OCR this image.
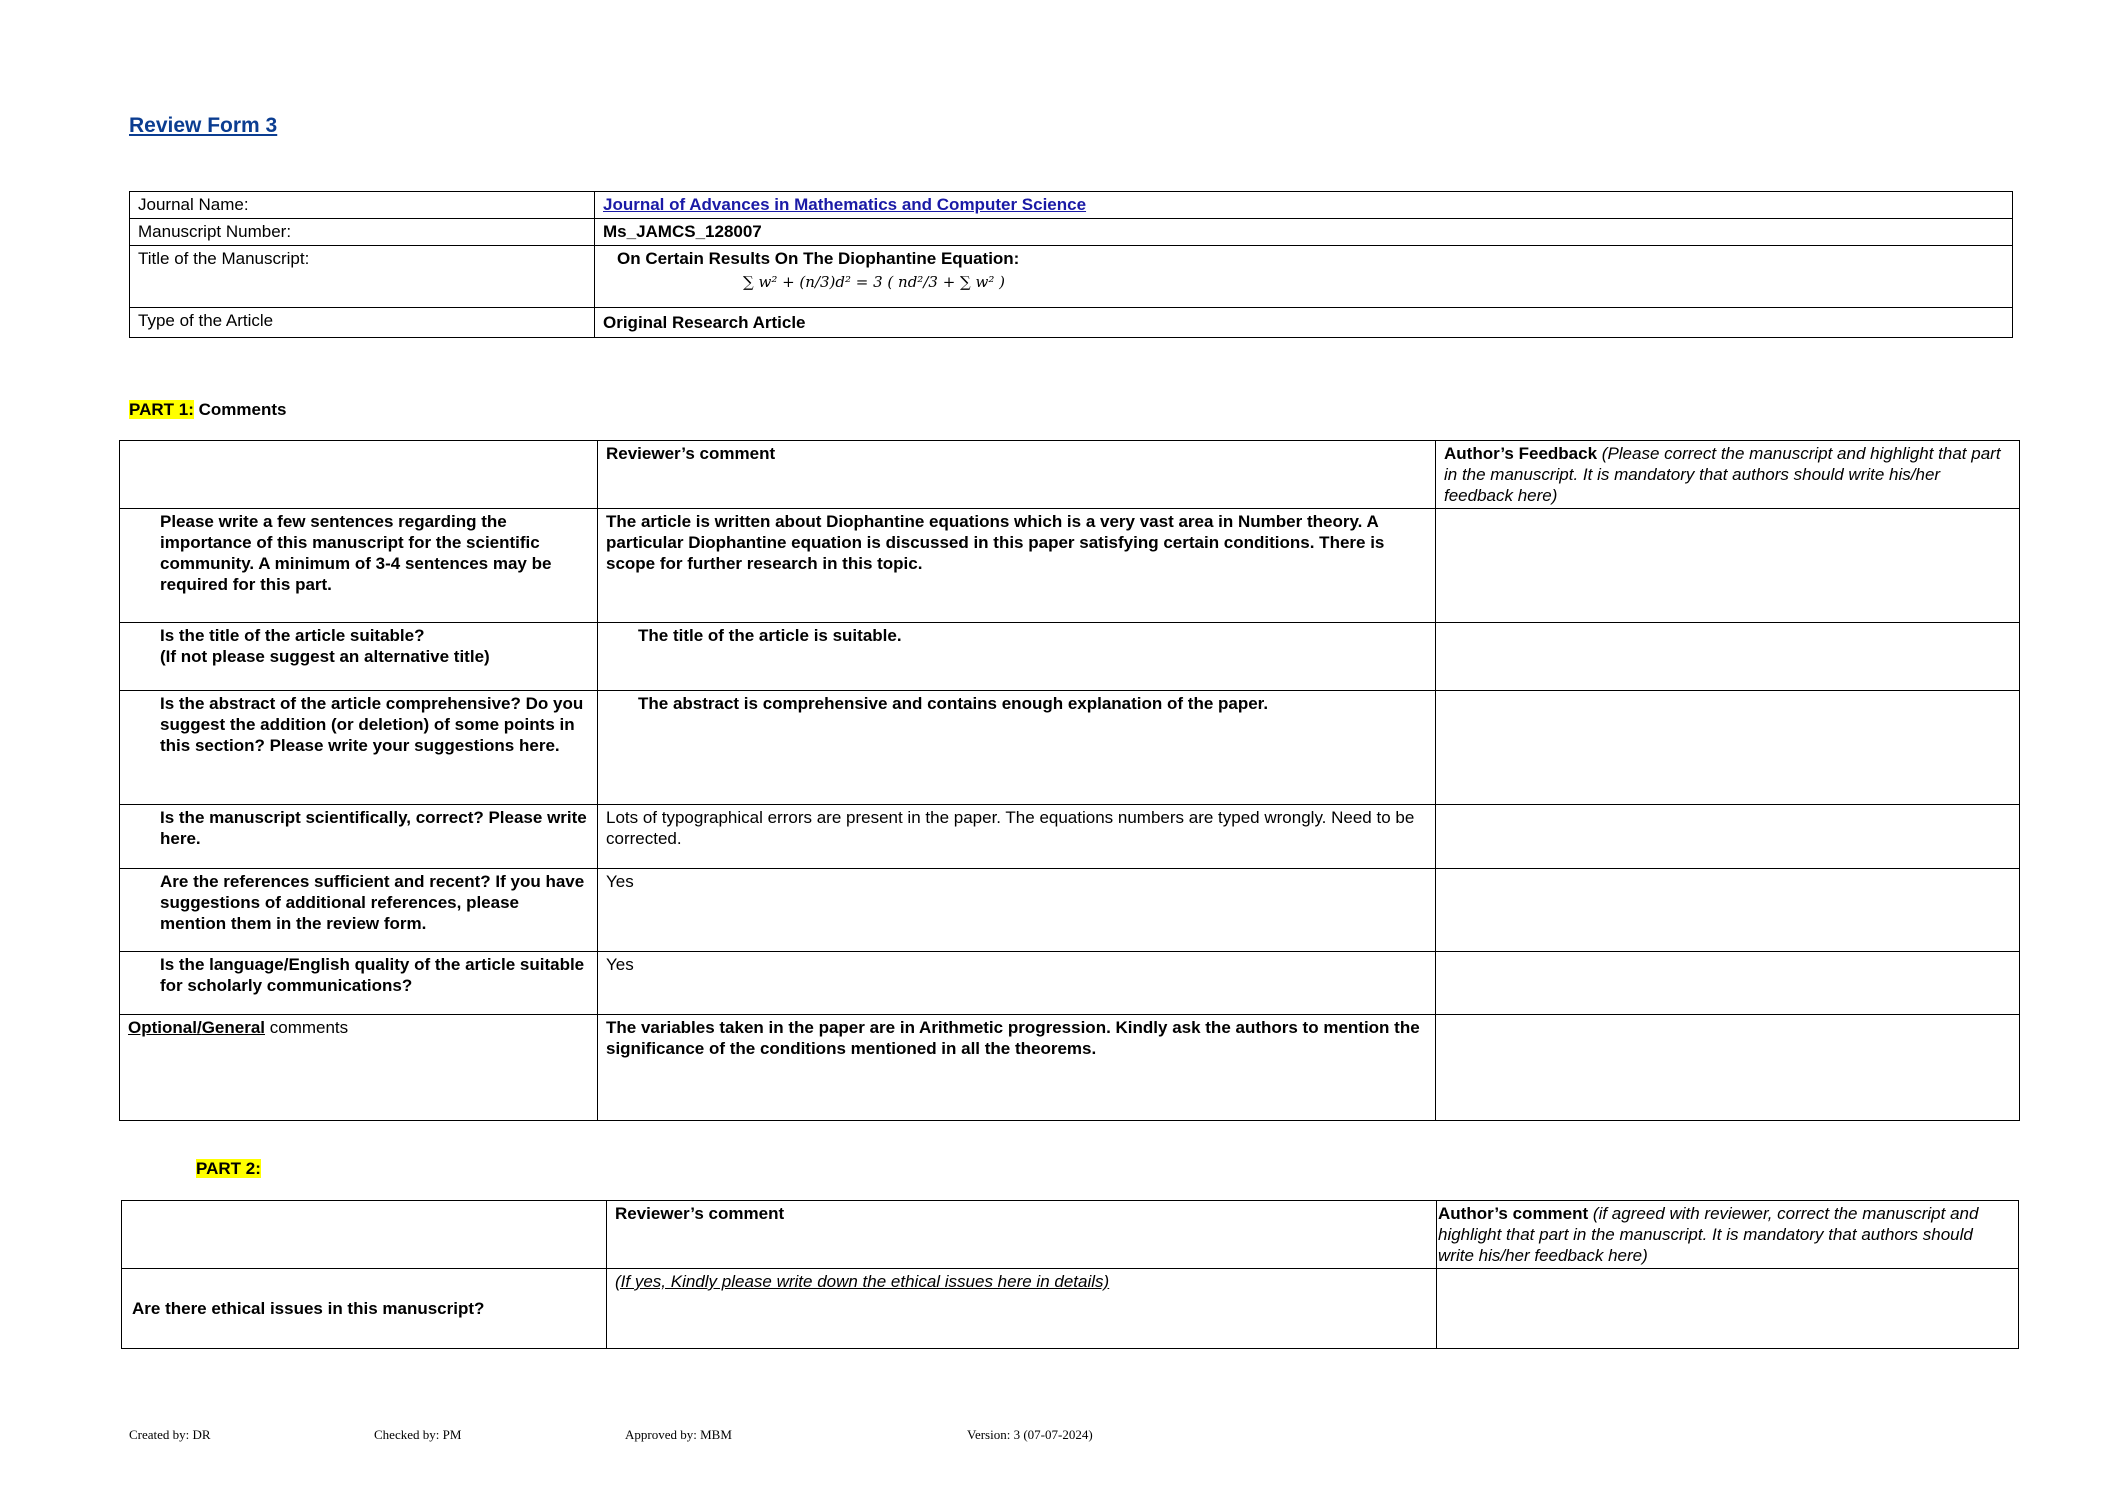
Review Form 3
Journal Name:	Journal of Advances in Mathematics and Computer Science
Manuscript Number:	Ms_JAMCS_128007
Title of the Manuscript:	On Certain Results On The Diophantine Equation:
∑ w² + (n/3)d² = 3 ( nd²/3 + ∑ w² )

Type of the Article	Original Research Article
PART 1: Comments
	Reviewer’s comment	Author’s Feedback (Please correct the manuscript and highlight that part in the manuscript. It is mandatory that authors should write his/her feedback here)
Please write a few sentences regarding the importance of this manuscript for the scientific community. A minimum of 3-4 sentences may be required for this part.	The article is written about Diophantine equations which is a very vast area in Number theory. A particular Diophantine equation is discussed in this paper satisfying certain conditions. There is scope for further research in this topic.	
Is the title of the article suitable?
(If not please suggest an alternative title)	The title of the article is suitable.	
Is the abstract of the article comprehensive? Do you suggest the addition (or deletion) of some points in this section? Please write your suggestions here.	The abstract is comprehensive and contains enough explanation of the paper.	
Is the manuscript scientifically, correct? Please write here.	Lots of typographical errors are present in the paper. The equations numbers are typed wrongly. Need to be corrected.	
Are the references sufficient and recent? If you have suggestions of additional references, please mention them in the review form.	Yes	
Is the language/English quality of the article suitable for scholarly communications?	Yes	
Optional/General comments	The variables taken in the paper are in Arithmetic progression. Kindly ask the authors to mention the significance of the conditions mentioned in all the theorems.	
PART 2:
	Reviewer’s comment	Author’s comment (if agreed with reviewer, correct the manuscript and highlight that part in the manuscript. It is mandatory that authors should write his/her feedback here)
Are there ethical issues in this manuscript?	(If yes, Kindly please write down the ethical issues here in details)	
Created by: DR	Checked by: PM	Approved by: MBM	Version: 3 (07-07-2024)
